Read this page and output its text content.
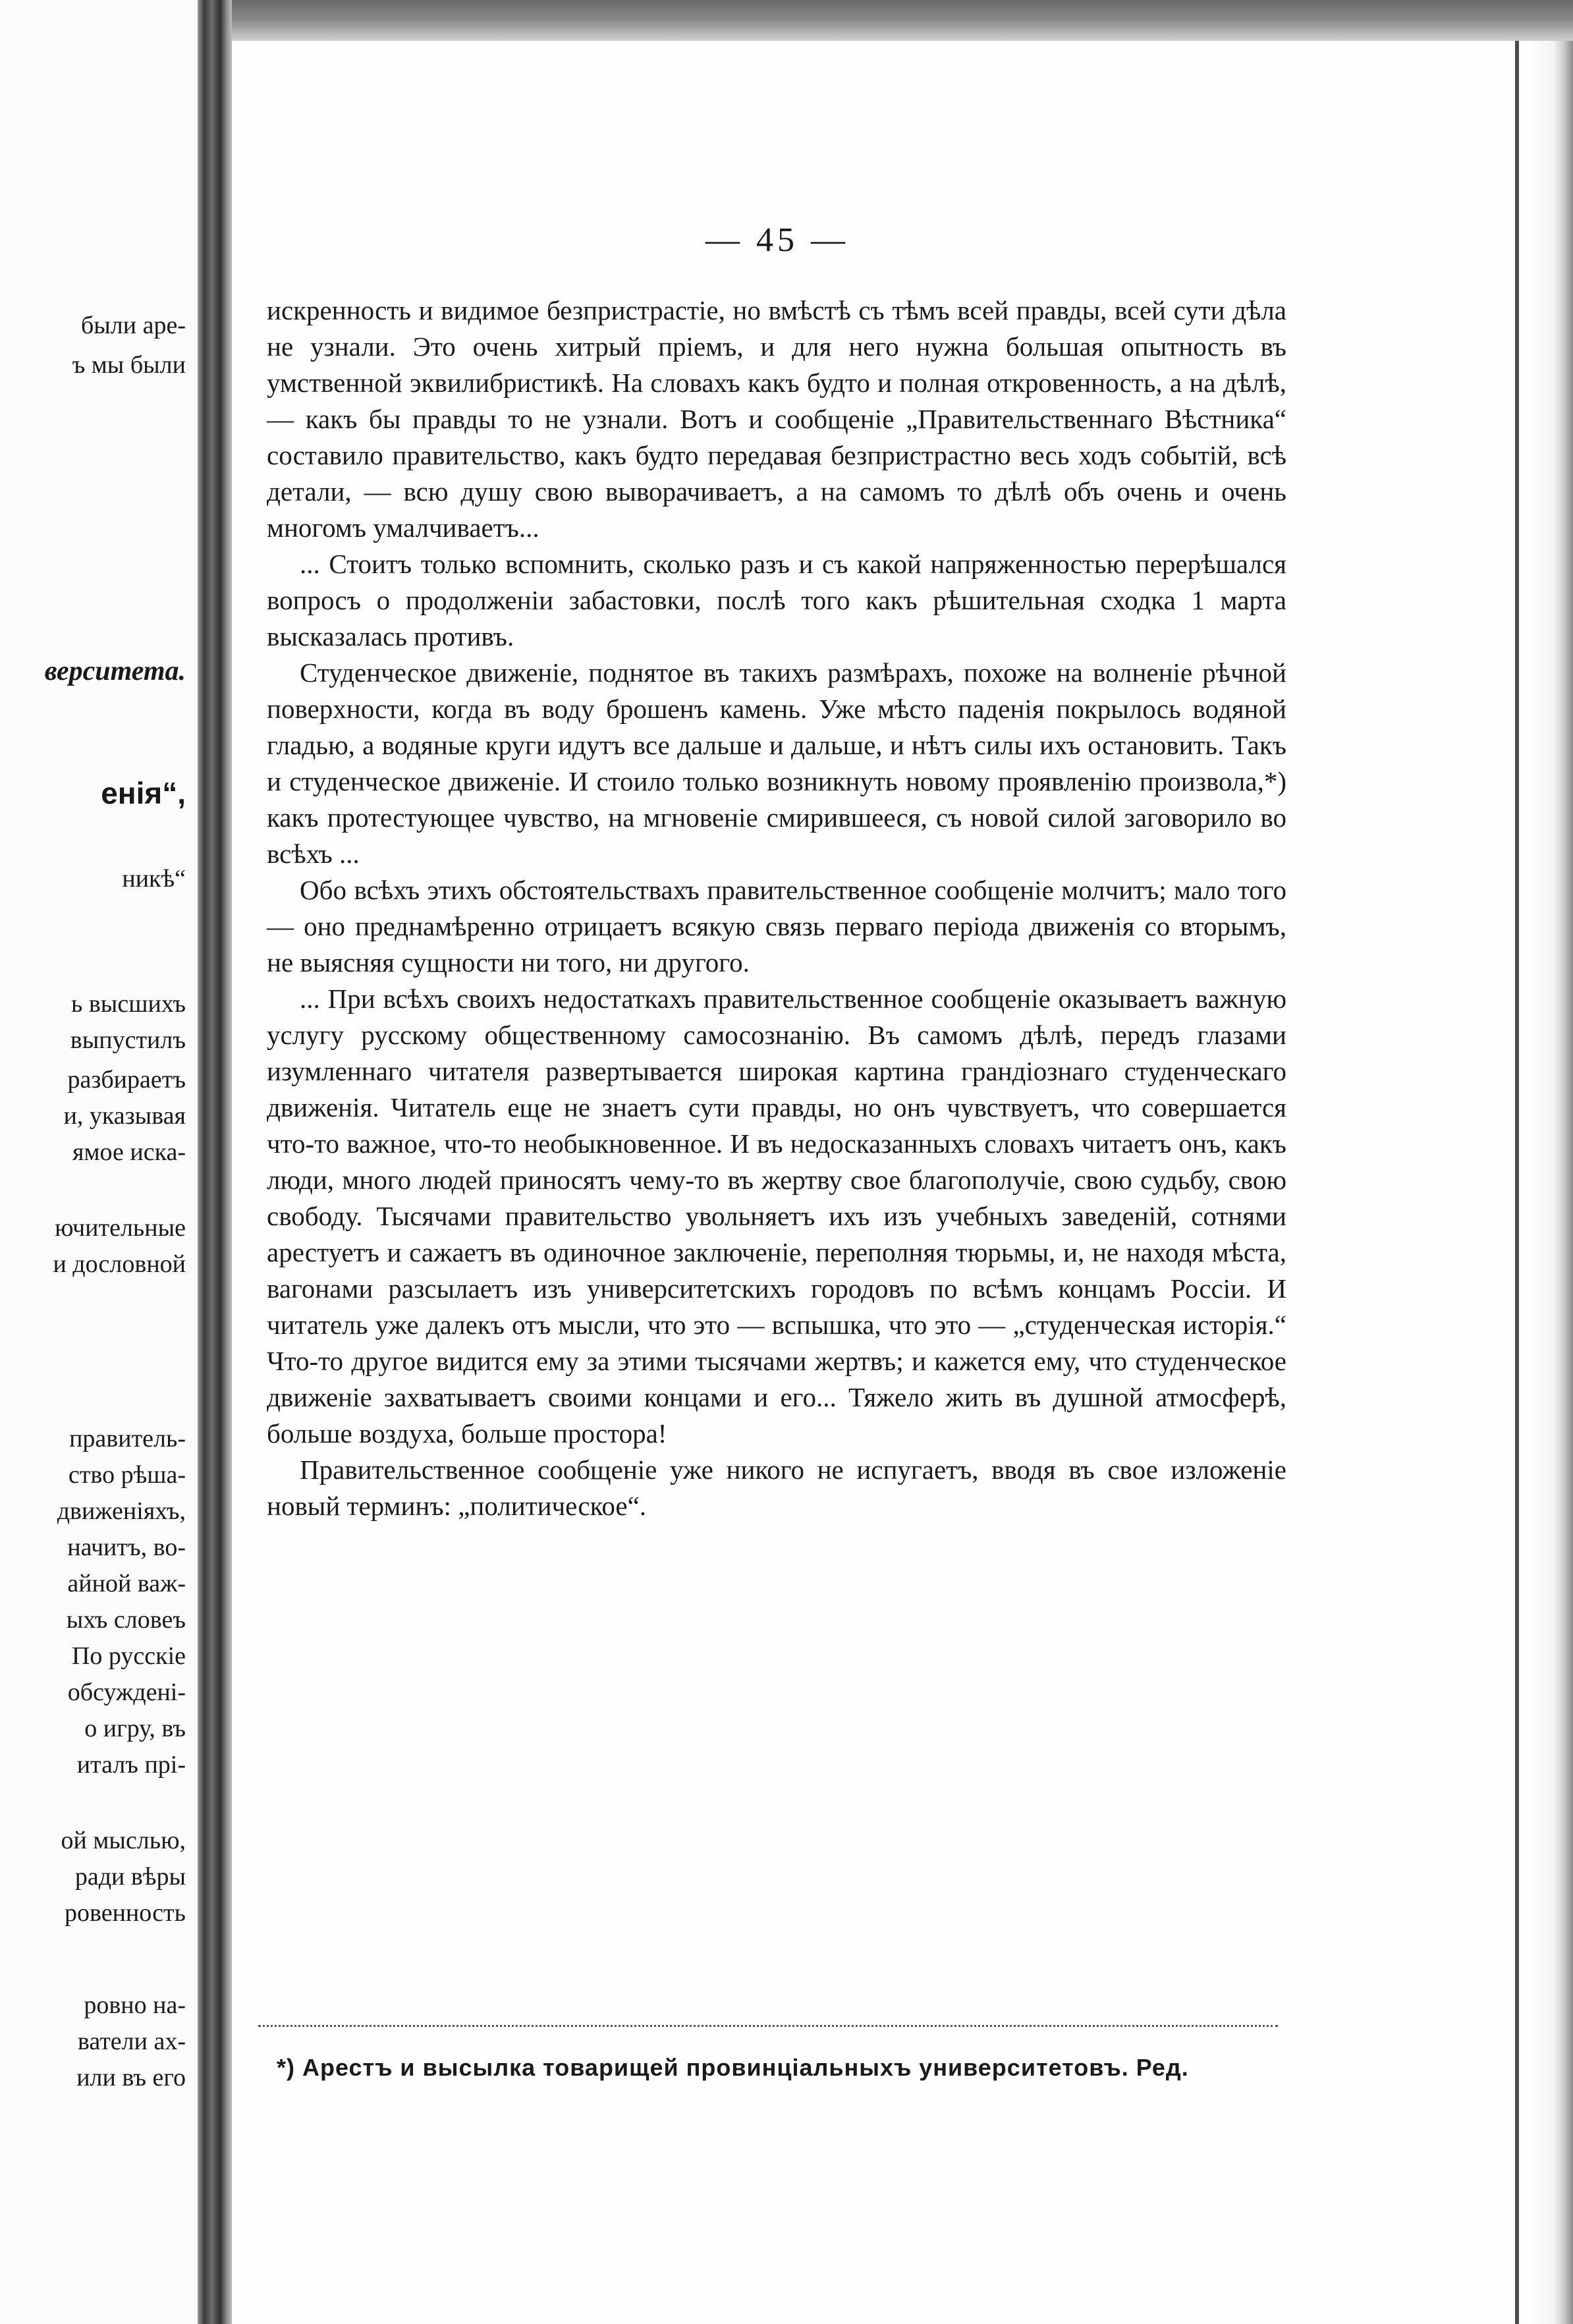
были аре-
ъ мы были
верситета.
енія“,
никѣ“
ь высшихъ
выпустилъ
разбираетъ
и, указывая
ямое иска-
ючительные
и дословной
правитель-
ство рѣша-
движеніяхъ,
начитъ, во-
айной важ-
ыхъ словеъ
По русскіе
обсужденi-
о игру, въ
италъ прі-
ой мыслью,
ради вѣры
ровенность
ровно на-
ватели ах-
или въ его
— 45 —

искренность и видимое безпристрастіе, но вмѣстѣ съ тѣмъ всей правды, всей сути дѣла не узнали. Это очень хитрый пріемъ, и для него нужна большая опытность въ умственной эквилибристикѣ. На словахъ какъ будто и полная откровенность, а на дѣлѣ, — какъ бы правды то не узнали. Вотъ и сообщеніе „Правительственнаго Вѣстника“ составило правительство, какъ будто передавая безпристрастно весь ходъ событій, всѣ детали, — всю душу свою выворачиваетъ, а на самомъ то дѣлѣ объ очень и очень многомъ умалчиваетъ...

... Стоитъ только вспомнить, сколько разъ и съ какой напряженностью перерѣшался вопросъ о продолженіи забастовки, послѣ того какъ рѣшительная сходка 1 марта высказалась противъ.

Студенческое движеніе, поднятое въ такихъ размѣрахъ, похоже на волненіе рѣчной поверхности, когда въ воду брошенъ камень. Уже мѣсто паденія покрылось водяной гладью, а водяные круги идутъ все дальше и дальше, и нѣтъ силы ихъ остановить. Такъ и студенческое движеніе. И стоило только возникнуть новому проявленію произвола,*) какъ протестующее чувство, на мгновеніе смирившееся, съ новой силой заговорило во всѣхъ ...

Обо всѣхъ этихъ обстоятельствахъ правительственное сообщеніе молчитъ; мало того — оно преднамѣренно отрицаетъ всякую связь перваго періода движенія со вторымъ, не выясняя сущности ни того, ни другого.

... При всѣхъ своихъ недостаткахъ правительственное сообщеніе оказываетъ важную услугу русскому общественному самосознанію. Въ самомъ дѣлѣ, передъ глазами изумленнаго читателя развертывается широкая картина грандіознаго студенческаго движенія. Читатель еще не знаетъ сути правды, но онъ чувствуетъ, что совершается что-то важное, что-то необыкновенное. И въ недосказанныхъ словахъ читаетъ онъ, какъ люди, много людей приносятъ чему-то въ жертву свое благополучіе, свою судьбу, свою свободу. Тысячами правительство увольняетъ ихъ изъ учебныхъ заведеній, сотнями арестуетъ и сажаетъ въ одиночное заключеніе, переполняя тюрьмы, и, не находя мѣста, вагонами разсылаетъ изъ университетскихъ городовъ по всѣмъ концамъ Россіи. И читатель уже далекъ отъ мысли, что это — вспышка, что это — „студенческая исторія.“ Что-то другое видится ему за этими тысячами жертвъ; и кажется ему, что студенческое движеніе захватываетъ своими концами и его... Тяжело жить въ душной атмосферѣ, больше воздуха, больше простора!

Правительственное сообщеніе уже никого не испугаетъ, вводя въ свое изложеніе новый терминъ: „политическое“.

*) Арестъ и высылка товарищей провинціальныхъ университетовъ. Ред.
